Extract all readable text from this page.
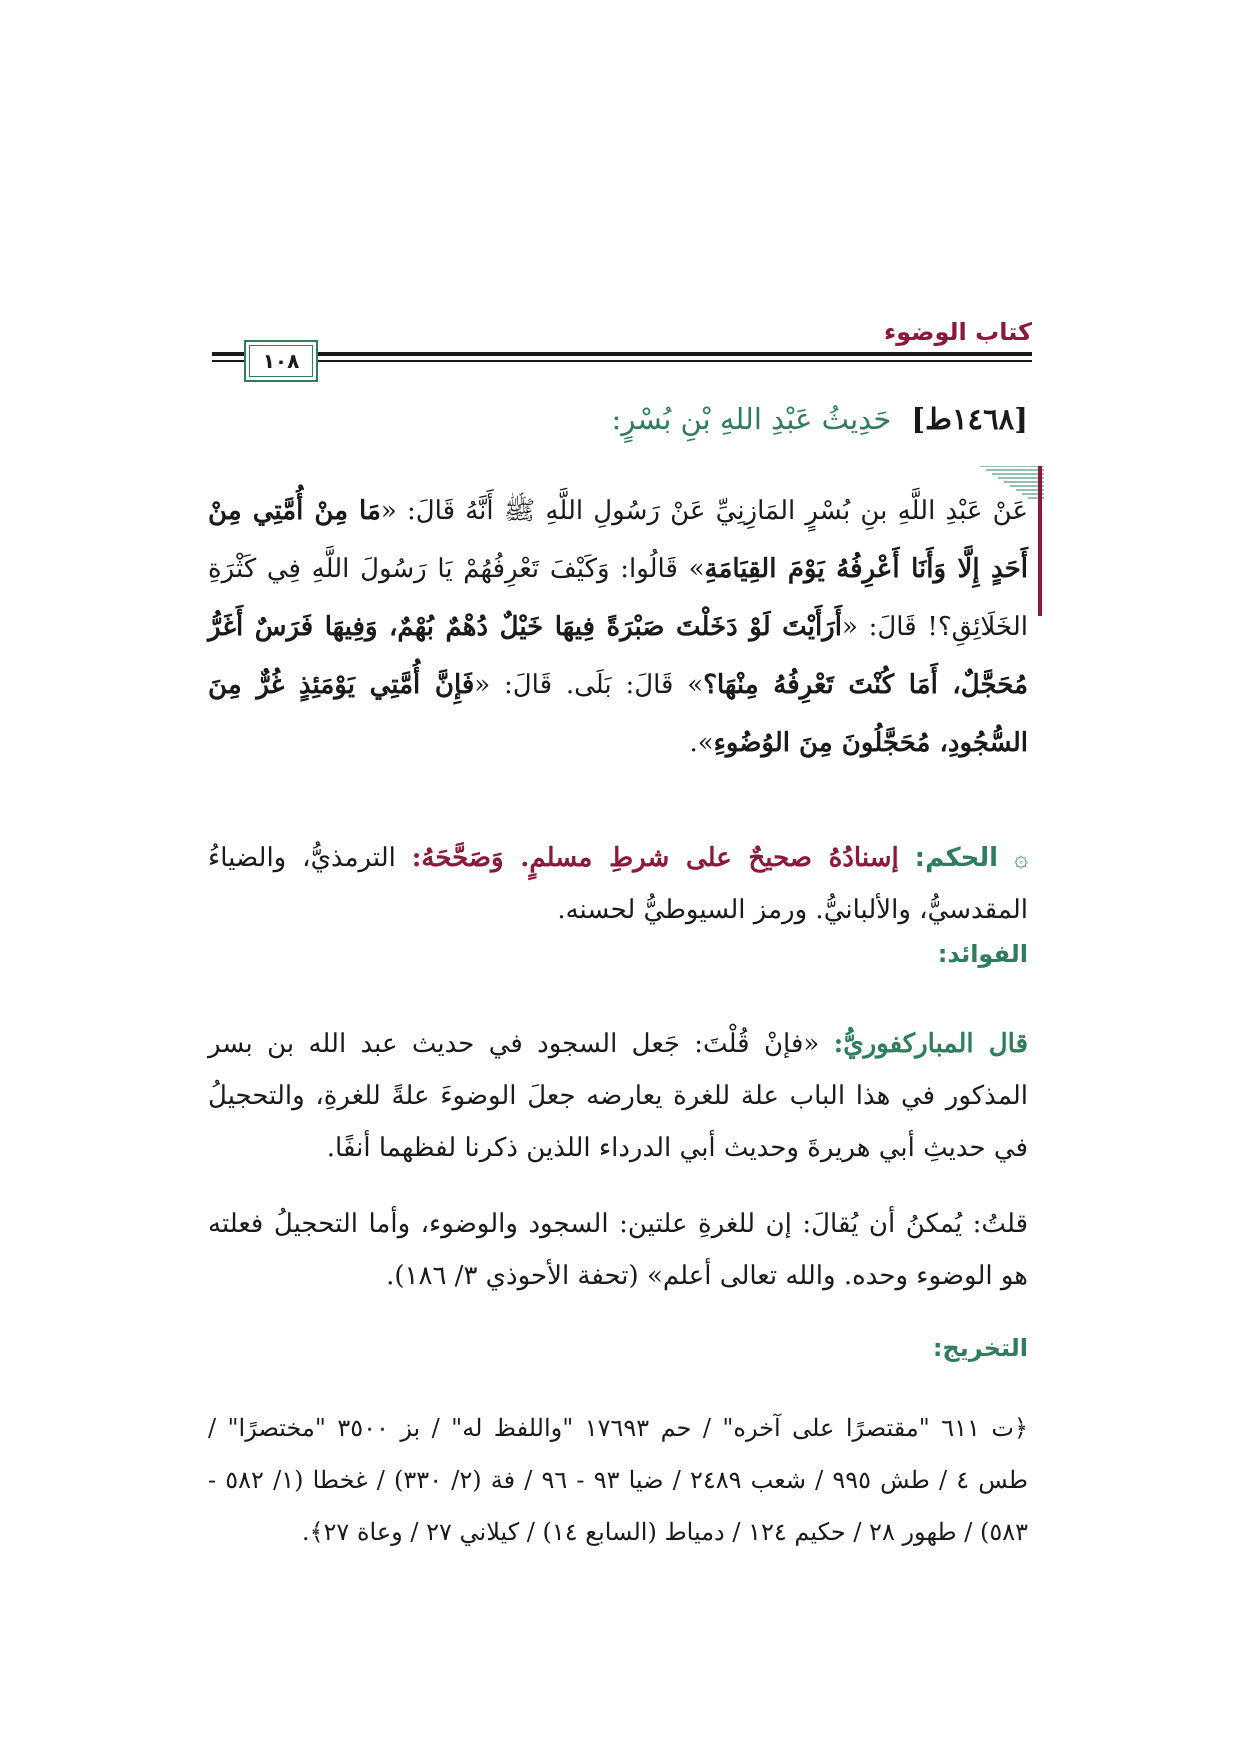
كتاب الوضوء
١٠٨
[١٤٦٨ط] حَدِيثُ عَبْدِ اللهِ بْنِ بُسْرٍ:
عَنْ عَبْدِ اللَّهِ بنِ بُسْرٍ المَازِنِيِّ عَنْ رَسُولِ اللَّهِ ﷺ أَنَّهُ قَالَ: «مَا مِنْ أُمَّتِي مِنْ أَحَدٍ إِلَّا وَأَنَا أَعْرِفُهُ يَوْمَ القِيَامَةِ» قَالُوا: وَكَيْفَ تَعْرِفُهُمْ يَا رَسُولَ اللَّهِ فِي كَثْرَةِ الخَلَائِقِ؟! قَالَ: «أَرَأَيْتَ لَوْ دَخَلْتَ صَبْرَةً فِيهَا خَيْلٌ دُهْمٌ بُهْمٌ، وَفِيهَا فَرَسٌ أَغَرُّ مُحَجَّلٌ، أَمَا كُنْتَ تَعْرِفُهُ مِنْهَا؟» قَالَ: بَلَى. قَالَ: «فَإِنَّ أُمَّتِي يَوْمَئِذٍ غُرٌّ مِنَ السُّجُودِ، مُحَجَّلُونَ مِنَ الوُضُوءِ».
۞ الحكم: إسنادُهُ صحيحٌ على شرطِ مسلمٍ. وَصَحَّحَهُ: الترمذيُّ، والضياءُ المقدسيُّ، والألبانيُّ. ورمز السيوطيُّ لحسنه.
الفوائد:
قال المباركفوريُّ: «فإنْ قُلْتَ: جَعل السجود في حديث عبد الله بن بسر المذكور في هذا الباب علة للغرة يعارضه جعلَ الوضوءَ علةً للغرةِ، والتحجيلُ في حديثِ أبي هريرةَ وحديث أبي الدرداء اللذين ذكرنا لفظهما أنفًا.
قلتُ: يُمكنُ أن يُقالَ: إن للغرةِ علتين: السجود والوضوء، وأما التحجيلُ فعلته هو الوضوء وحده. والله تعالى أعلم» (تحفة الأحوذي ٣/ ١٨٦).
التخريج:
﴿ت ٦١١ "مقتصرًا على آخره" / حم ١٧٦٩٣ "واللفظ له" / بز ٣٥٠٠ "مختصرًا" / طس ٤ / طش ٩٩٥ / شعب ٢٤٨٩ / ضيا ٩٣ - ٩٦ / فة (٢/ ٣٣٠) / غخطا (١/ ٥٨٢ - ٥٨٣) / طهور ٢٨ / حكيم ١٢٤ / دمياط (السابع ١٤) / كيلاني ٢٧ / وعاة ٢٧﴾.
